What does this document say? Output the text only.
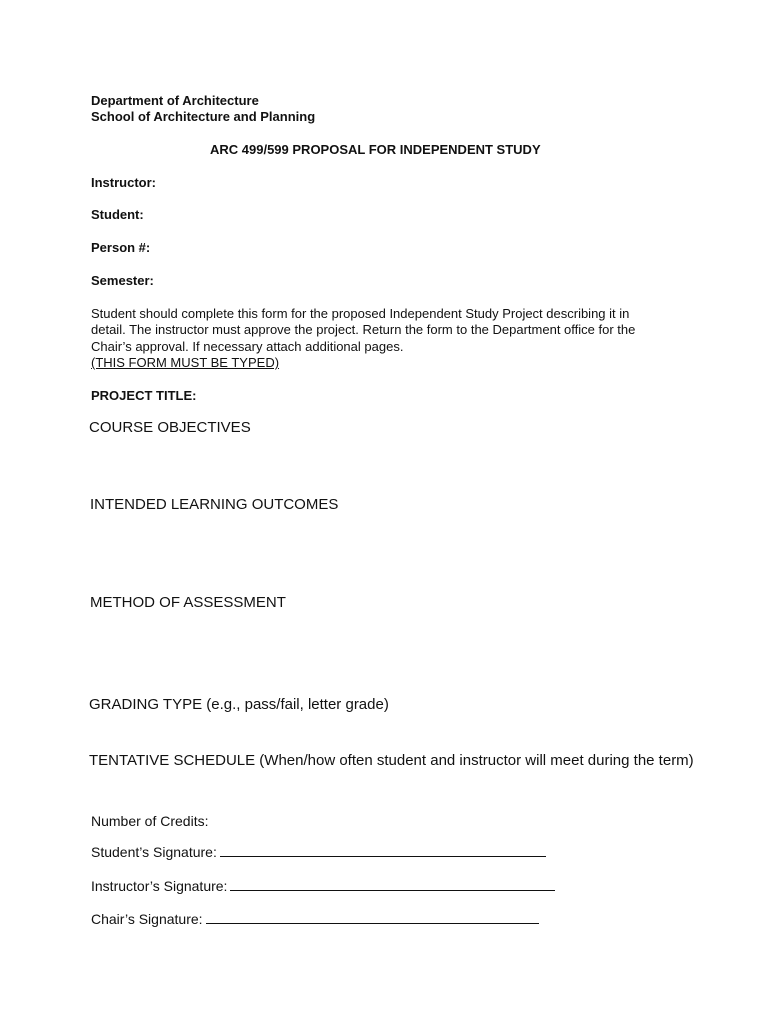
Department of Architecture
School of Architecture and Planning
ARC 499/599 PROPOSAL FOR INDEPENDENT STUDY
Instructor:
Student:
Person #:
Semester:
Student should complete this form for the proposed Independent Study Project describing it in
detail. The instructor must approve the project. Return the form to the Department office for the
Chair’s approval. If necessary attach additional pages.
(THIS FORM MUST BE TYPED)
PROJECT TITLE:
COURSE OBJECTIVES
INTENDED LEARNING OUTCOMES
METHOD OF ASSESSMENT
GRADING TYPE (e.g., pass/fail, letter grade)
TENTATIVE SCHEDULE (When/how often student and instructor will meet during the term)
Number of Credits:
Student’s Signature:
Instructor’s Signature:
Chair’s Signature:
